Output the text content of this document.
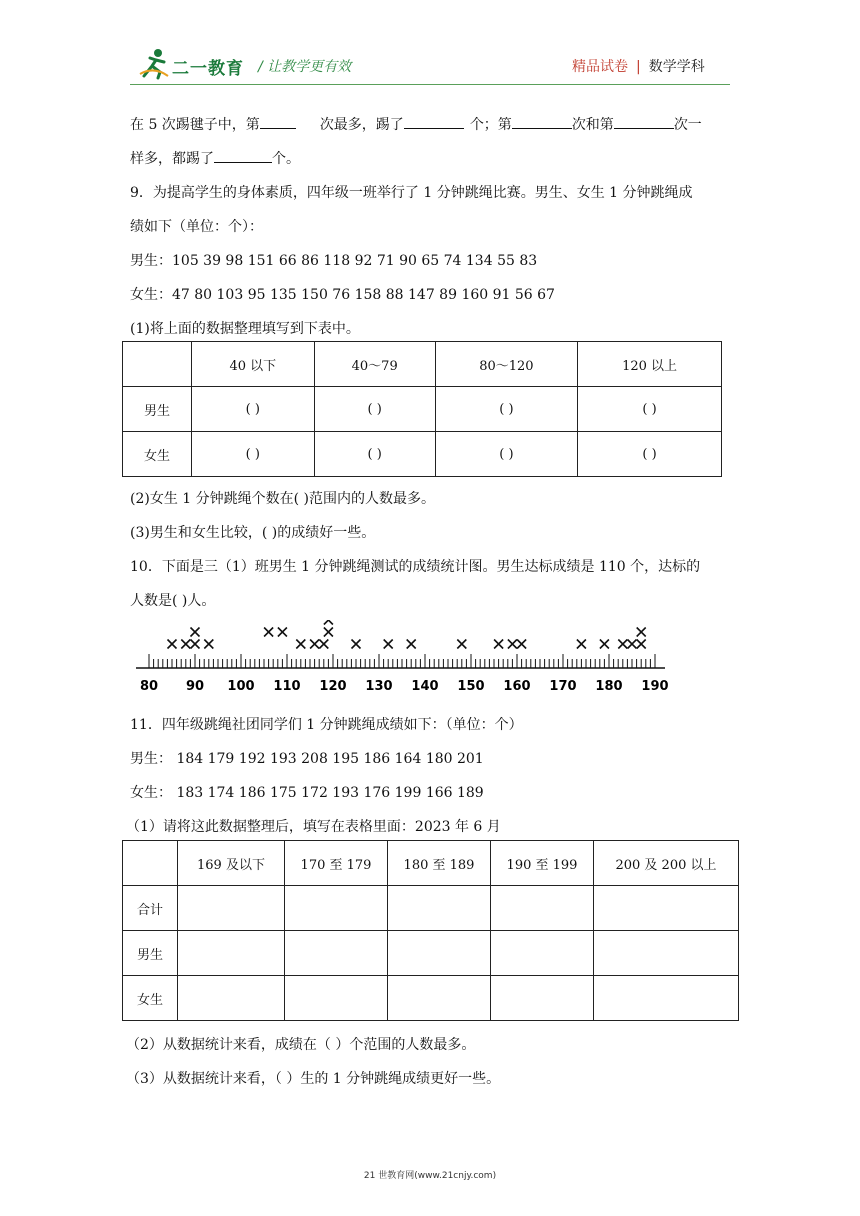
二一教育 / 让教学更有效	精品试卷 | 数学学科
在 5 次踢毽子中，第	次最多，踢了	个；第	次和第	次一
样多，都踢了	个。
9．为提高学生的身体素质，四年级一班举行了 1 分钟跳绳比赛。男生、女生 1 分钟跳绳成
绩如下（单位：个）：
男生：105 39 98 151 66 86 118 92 71 90 65 74 134 55 83
女生：47 80 103 95 135 150 76 158 88 147 89 160 91 56 67
(1)将上面的数据整理填写到下表中。
	40 以下	40～79	80～120	120 以上
男生	( )	( )	( )	( )
女生	( )	( )	( )	( )
(2)女生 1 分钟跳绳个数在( )范围内的人数最多。
(3)男生和女生比较，( )的成绩好一些。
10．下面是三（1）班男生 1 分钟跳绳测试的成绩统计图。男生达标成绩是 110 个，达标的
人数是( )人。
80 90 100 110 120 130 140 150 160 170 180 190
11．四年级跳绳社团同学们 1 分钟跳绳成绩如下：（单位：个）
男生： 184 179 192 193 208 195 186 164 180 201
女生： 183 174 186 175 172 193 176 199 166 189
（1）请将这此数据整理后，填写在表格里面：2023 年 6 月
	169 及以下	170 至 179	180 至 189	190 至 199	200 及 200 以上
合计					
男生					
女生					
（2）从数据统计来看，成绩在（ ）个范围的人数最多。
（3）从数据统计来看，（ ）生的 1 分钟跳绳成绩更好一些。
21 世教育网(www.21cnjy.com)
